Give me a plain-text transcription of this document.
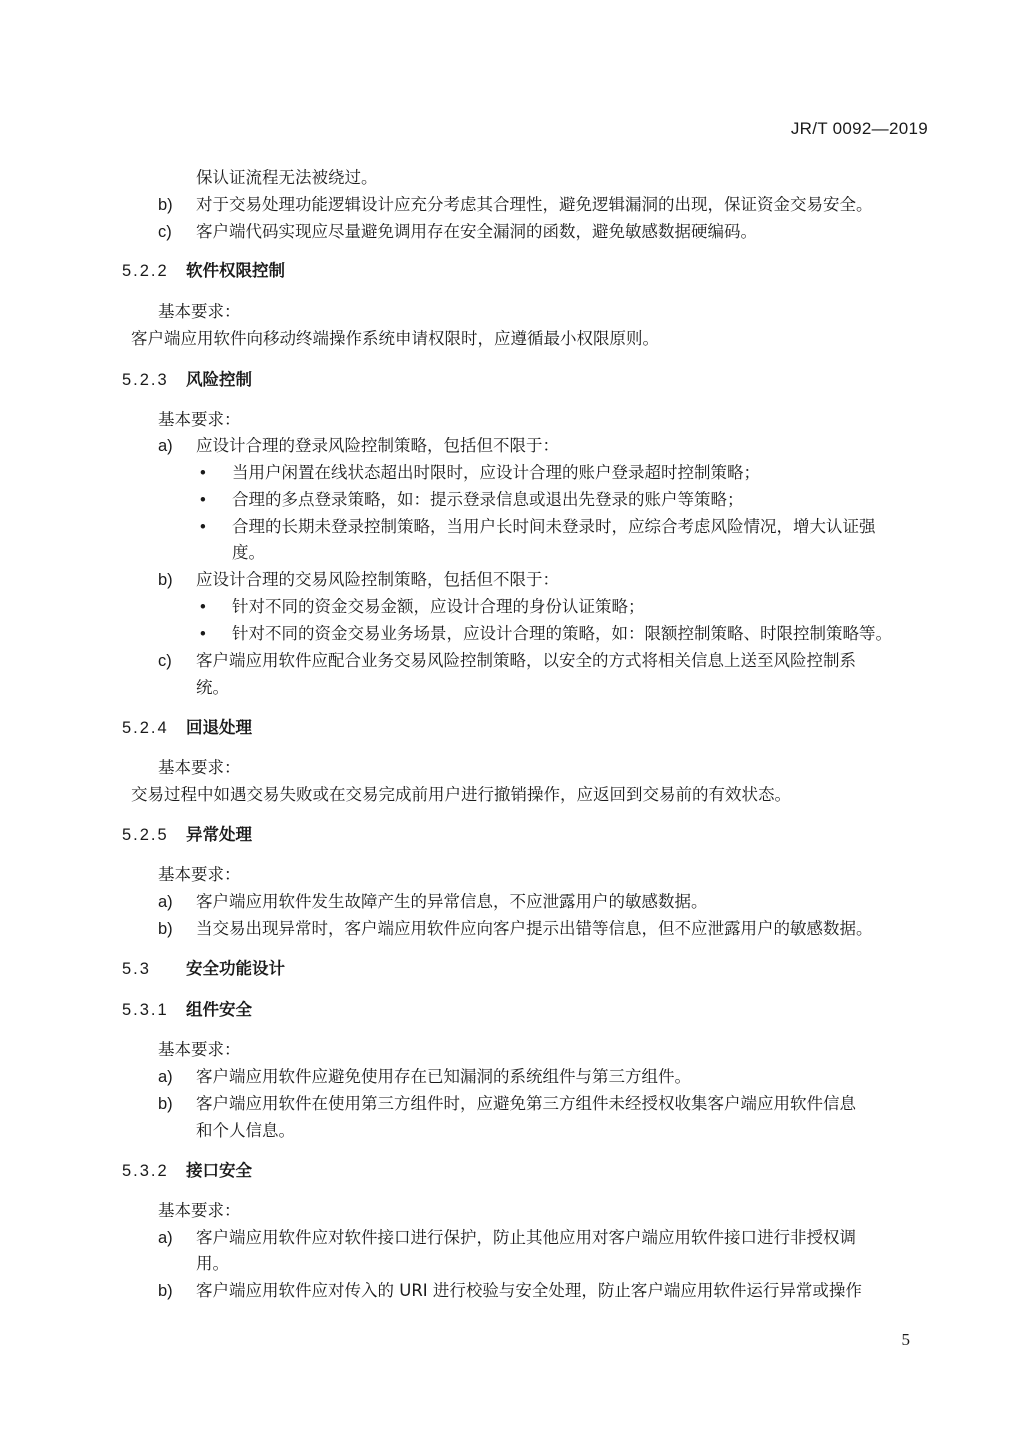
JR/T 0092—2019
保认证流程无法被绕过。
b) 对于交易处理功能逻辑设计应充分考虑其合理性，避免逻辑漏洞的出现，保证资金交易安全。
c) 客户端代码实现应尽量避免调用存在安全漏洞的函数，避免敏感数据硬编码。
5.2.2 软件权限控制
基本要求：
客户端应用软件向移动终端操作系统申请权限时，应遵循最小权限原则。
5.2.3 风险控制
基本要求：
a) 应设计合理的登录风险控制策略，包括但不限于：
• 当用户闲置在线状态超出时限时，应设计合理的账户登录超时控制策略；
• 合理的多点登录策略，如：提示登录信息或退出先登录的账户等策略；
• 合理的长期未登录控制策略，当用户长时间未登录时，应综合考虑风险情况，增大认证强
度。
b) 应设计合理的交易风险控制策略，包括但不限于：
• 针对不同的资金交易金额，应设计合理的身份认证策略；
• 针对不同的资金交易业务场景，应设计合理的策略，如：限额控制策略、时限控制策略等。
c) 客户端应用软件应配合业务交易风险控制策略，以安全的方式将相关信息上送至风险控制系
统。
5.2.4 回退处理
基本要求：
交易过程中如遇交易失败或在交易完成前用户进行撤销操作，应返回到交易前的有效状态。
5.2.5 异常处理
基本要求：
a) 客户端应用软件发生故障产生的异常信息，不应泄露用户的敏感数据。
b) 当交易出现异常时，客户端应用软件应向客户提示出错等信息，但不应泄露用户的敏感数据。
5.3 安全功能设计
5.3.1 组件安全
基本要求：
a) 客户端应用软件应避免使用存在已知漏洞的系统组件与第三方组件。
b) 客户端应用软件在使用第三方组件时，应避免第三方组件未经授权收集客户端应用软件信息
和个人信息。
5.3.2 接口安全
基本要求：
a) 客户端应用软件应对软件接口进行保护，防止其他应用对客户端应用软件接口进行非授权调
用。
b) 客户端应用软件应对传入的 URI 进行校验与安全处理，防止客户端应用软件运行异常或操作
5
